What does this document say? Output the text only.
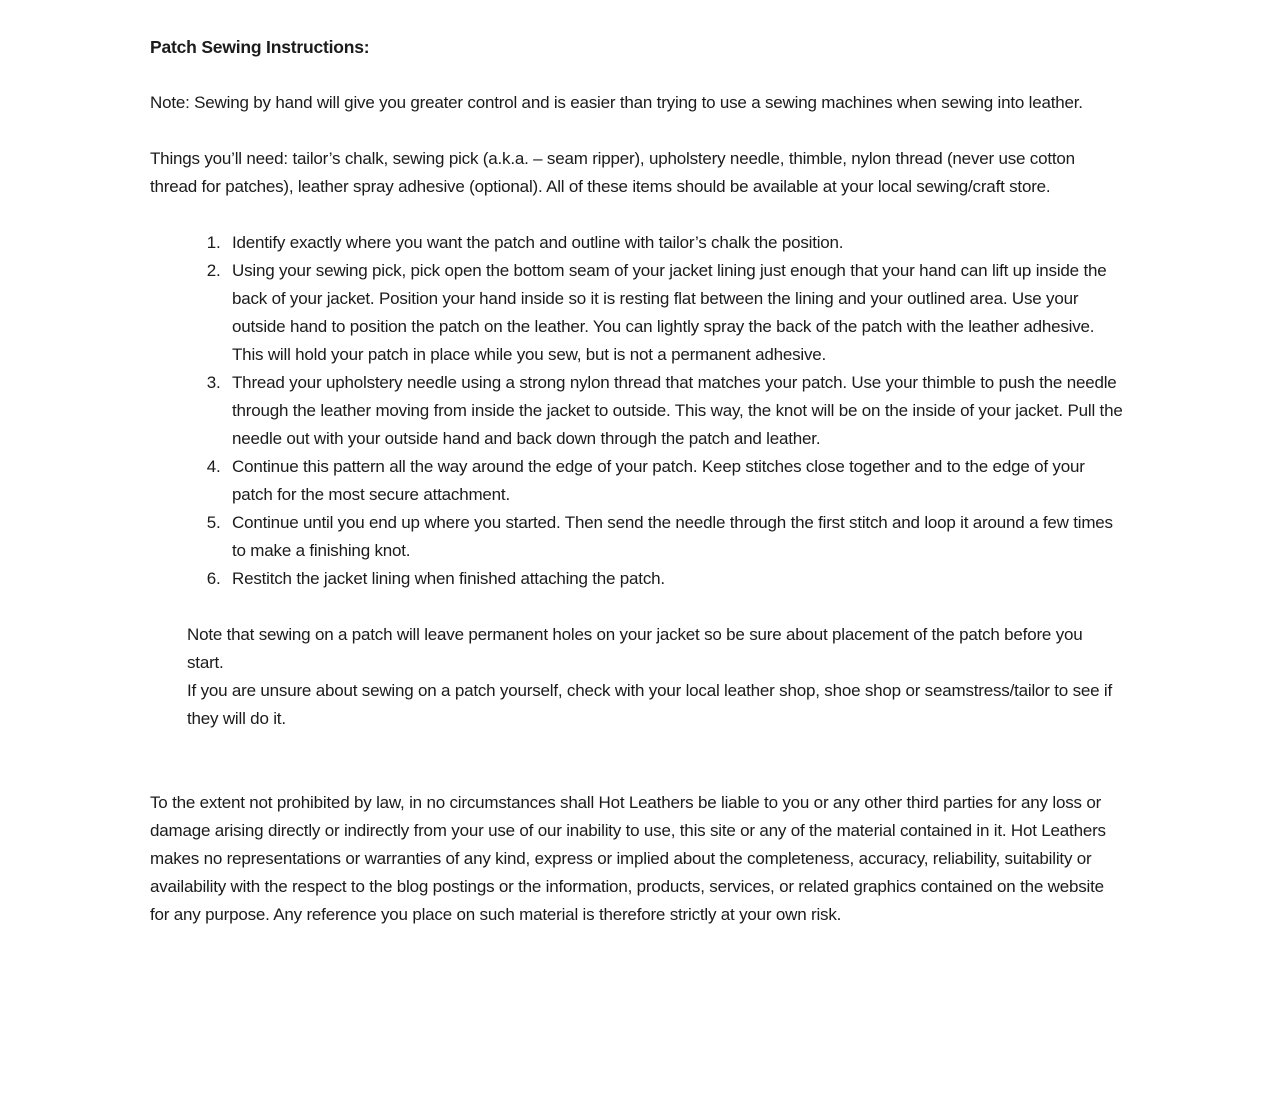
Patch Sewing Instructions:

Note: Sewing by hand will give you greater control and is easier than trying to use a sewing machines when sewing into leather.

Things you’ll need: tailor’s chalk, sewing pick (a.k.a. – seam ripper), upholstery needle, thimble, nylon thread (never use cotton thread for patches), leather spray adhesive (optional). All of these items should be available at your local sewing/craft store.

1. Identify exactly where you want the patch and outline with tailor’s chalk the position.
2. Using your sewing pick, pick open the bottom seam of your jacket lining just enough that your hand can lift up inside the back of your jacket. Position your hand inside so it is resting flat between the lining and your outlined area. Use your outside hand to position the patch on the leather. You can lightly spray the back of the patch with the leather adhesive. This will hold your patch in place while you sew, but is not a permanent adhesive.
3. Thread your upholstery needle using a strong nylon thread that matches your patch. Use your thimble to push the needle through the leather moving from inside the jacket to outside. This way, the knot will be on the inside of your jacket. Pull the needle out with your outside hand and back down through the patch and leather.
4. Continue this pattern all the way around the edge of your patch. Keep stitches close together and to the edge of your patch for the most secure attachment.
5. Continue until you end up where you started. Then send the needle through the first stitch and loop it around a few times to make a finishing knot.
6. Restitch the jacket lining when finished attaching the patch.
Note that sewing on a patch will leave permanent holes on your jacket so be sure about placement of the patch before you start.
If you are unsure about sewing on a patch yourself, check with your local leather shop, shoe shop or seamstress/tailor to see if they will do it.

To the extent not prohibited by law, in no circumstances shall Hot Leathers be liable to you or any other third parties for any loss or damage arising directly or indirectly from your use of our inability to use, this site or any of the material contained in it. Hot Leathers makes no representations or warranties of any kind, express or implied about the completeness, accuracy, reliability, suitability or availability with the respect to the blog postings or the information, products, services, or related graphics contained on the website for any purpose. Any reference you place on such material is therefore strictly at your own risk.
